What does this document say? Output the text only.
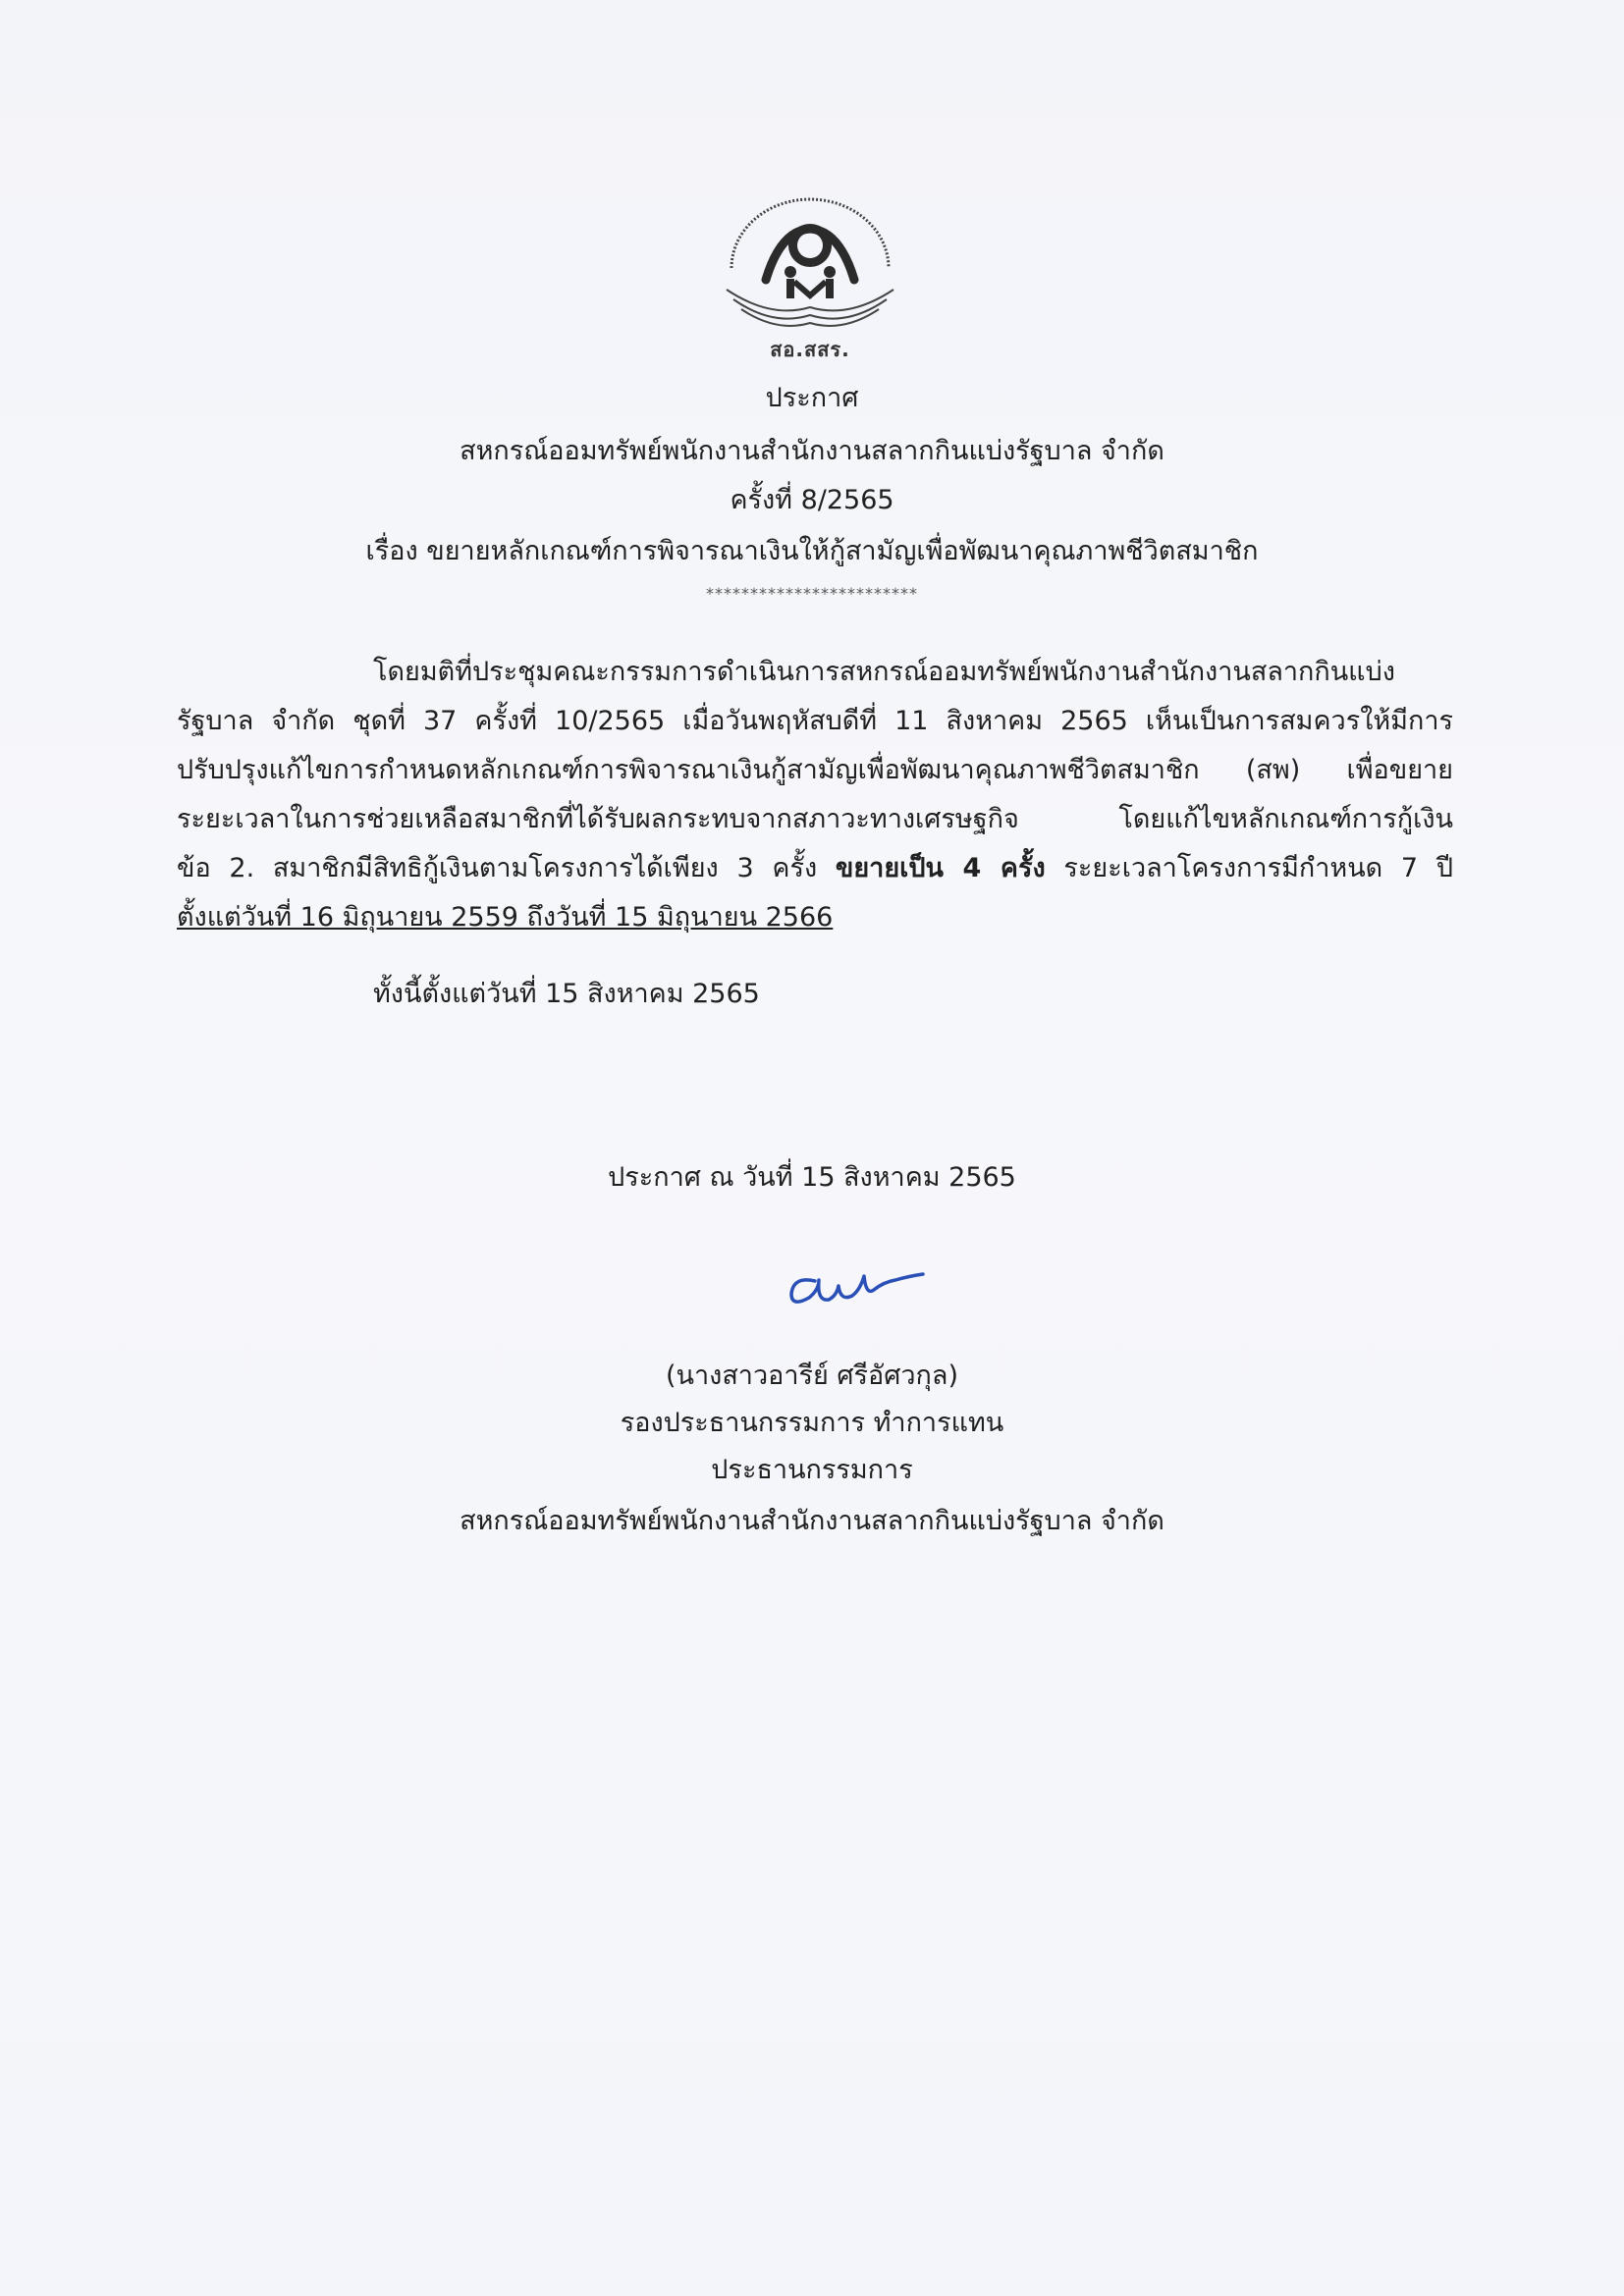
สอ.สสร.
ประกาศ
สหกรณ์ออมทรัพย์พนักงานสำนักงานสลากกินแบ่งรัฐบาล จำกัด
ครั้งที่ 8/2565
เรื่อง ขยายหลักเกณฑ์การพิจารณาเงินให้กู้สามัญเพื่อพัฒนาคุณภาพชีวิตสมาชิก
************************

โดยมติที่ประชุมคณะกรรมการดำเนินการสหกรณ์ออมทรัพย์พนักงานสำนักงานสลากกินแบ่ง

รัฐบาล จำกัด ชุดที่ 37 ครั้งที่ 10/2565 เมื่อวันพฤหัสบดีที่ 11 สิงหาคม 2565 เห็นเป็นการสมควรให้มีการ

ปรับปรุงแก้ไขการกำหนดหลักเกณฑ์การพิจารณาเงินกู้สามัญเพื่อพัฒนาคุณภาพชีวิตสมาชิก (สพ) เพื่อขยาย

ระยะเวลาในการช่วยเหลือสมาชิกที่ได้รับผลกระทบจากสภาวะทางเศรษฐกิจ โดยแก้ไขหลักเกณฑ์การกู้เงิน

ข้อ 2. สมาชิกมีสิทธิกู้เงินตามโครงการได้เพียง 3 ครั้ง ขยายเป็น 4 ครั้ง ระยะเวลาโครงการมีกำหนด 7 ปี

ตั้งแต่วันที่ 16 มิถุนายน 2559 ถึงวันที่ 15 มิถุนายน 2566

ทั้งนี้ตั้งแต่วันที่ 15 สิงหาคม 2565
ประกาศ ณ วันที่ 15 สิงหาคม 2565
(นางสาวอารีย์ ศรีอัศวกุล)
รองประธานกรรมการ ทำการแทน
ประธานกรรมการ
สหกรณ์ออมทรัพย์พนักงานสำนักงานสลากกินแบ่งรัฐบาล จำกัด
